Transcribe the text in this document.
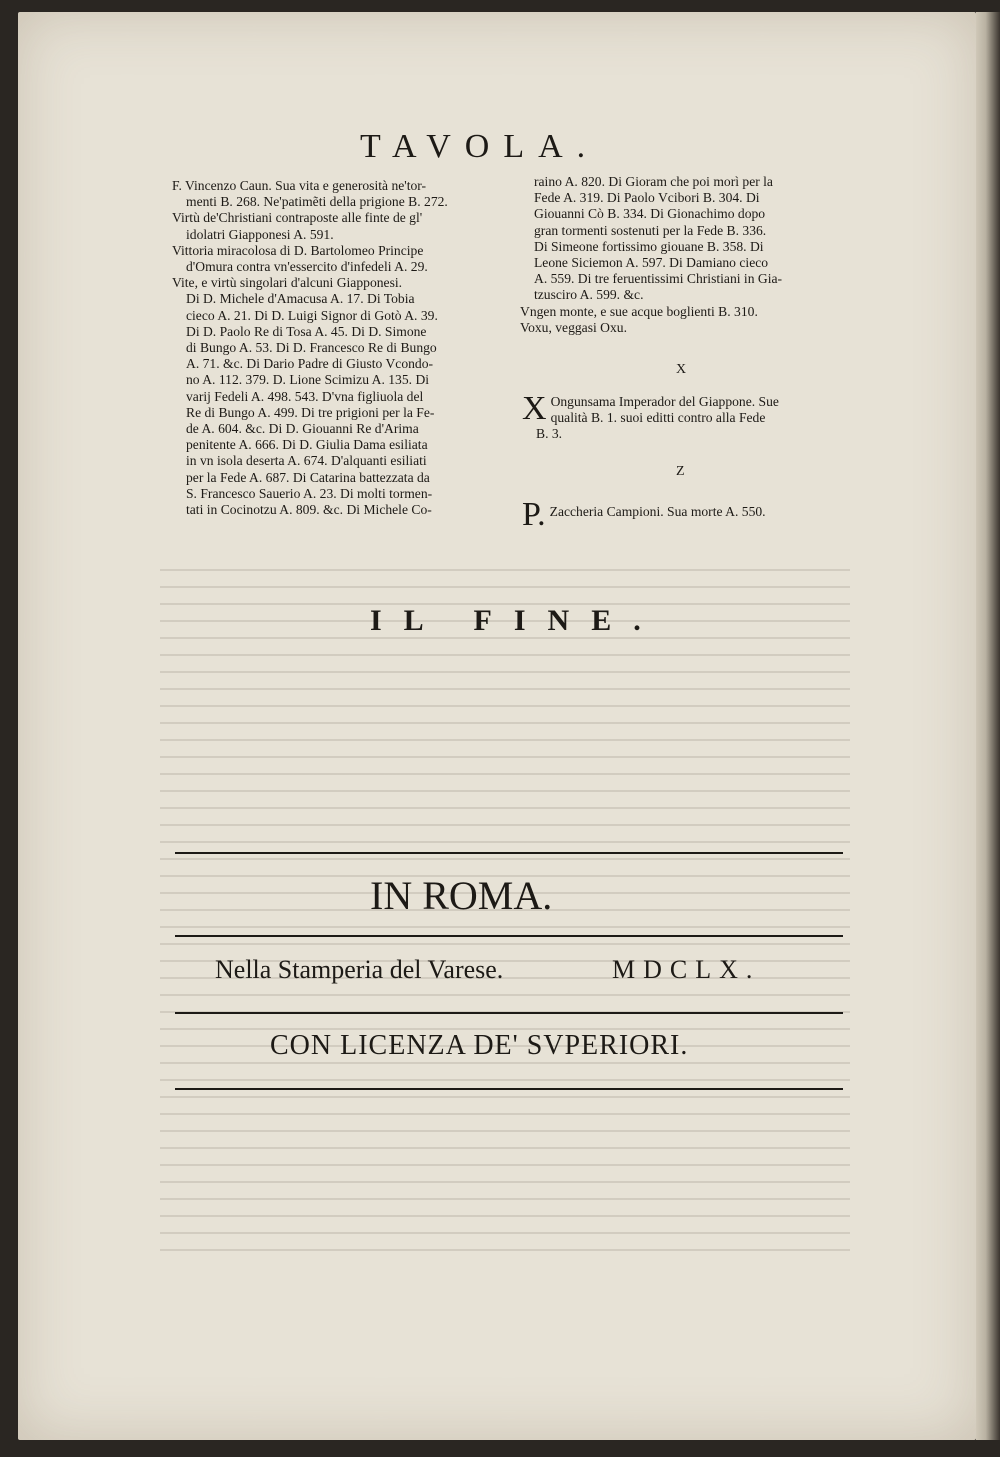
TAVOLA.
F. Vincenzo Caun. Sua vita e generosità ne'tor-
menti B. 268. Ne'patimẽti della prigione B. 272.
Virtù de'Christiani contraposte alle finte de gl'
idolatri Giapponesi A. 591.
Vittoria miracolosa di D. Bartolomeo Principe
d'Omura contra vn'essercito d'infedeli A. 29.
Vite, e virtù singolari d'alcuni Giapponesi.
Di D. Michele d'Amacusa A. 17. Di Tobia
cieco A. 21. Di D. Luigi Signor di Gotò A. 39.
Di D. Paolo Re di Tosa A. 45. Di D. Simone
di Bungo A. 53. Di D. Francesco Re di Bungo
A. 71. &c. Di Dario Padre di Giusto Vcondo-
no A. 112. 379. D. Lione Scimizu A. 135. Di
varij Fedeli A. 498. 543. D'vna figliuola del
Re di Bungo A. 499. Di tre prigioni per la Fe-
de A. 604. &c. Di D. Giouanni Re d'Arima
penitente A. 666. Di D. Giulia Dama esiliata
in vn isola deserta A. 674. D'alquanti esiliati
per la Fede A. 687. Di Catarina battezzata da
S. Francesco Sauerio A. 23. Di molti tormen-
tati in Cocinotzu A. 809. &c. Di Michele Co-
raino A. 820. Di Gioram che poi morì per la
Fede A. 319. Di Paolo Vcibori B. 304. Di
Giouanni Cò B. 334. Di Gionachimo dopo
gran tormenti sostenuti per la Fede B. 336.
Di Simeone fortissimo giouane B. 358. Di
Leone Siciemon A. 597. Di Damiano cieco
A. 559. Di tre feruentissimi Christiani in Gia-
tzusciro A. 599. &c.
Vngen monte, e sue acque boglienti B. 310.
Voxu, veggasi Oxu.
X
X Ongunsama Imperador del Giappone. Sue
qualità B. 1. suoi editti contro alla Fede
B. 3.
Z
P. Zaccheria Campioni. Sua morte A. 550.
IL FINE.
IN ROMA.
Nella Stamperia del Varese.	MDCLX.
CON LICENZA DE' SVPERIORI.
